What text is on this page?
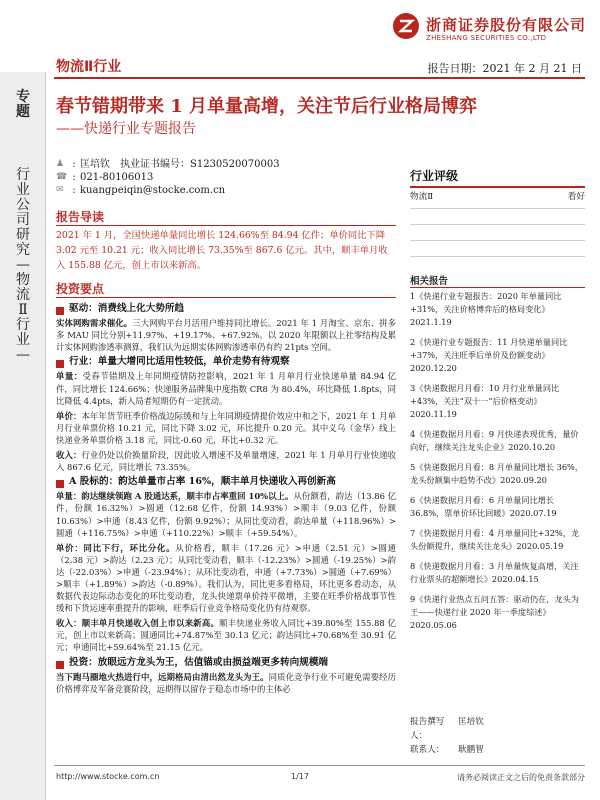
浙商证券股份有限公司
ZHESHANG SECURITIES CO.,LTD
物流Ⅱ行业	报告日期：2021 年 2 月 21 日
专题
行业公司研究—物流Ⅱ行业—
春节错期带来 1 月单量高增，关注节后行业格局博弈
——快递行业专题报告
♟ : 匡培钦 执业证书编号：S1230520070003
☎ : 021-80106013
✉ : kuangpeiqin@stocke.com.cn
报告导读
2021 年 1 月，全国快递单量同比增长 124.66%至 84.94 亿件；单价同比下降 3.02 元至 10.21 元；收入同比增长 73.35%至 867.6 亿元。其中，顺丰单月收入 155.88 亿元，创上市以来新高。
投资要点
驱动：消费线上化大势所趋

实体网购需求催化。三大网购平台月活用户维持同比增长。2021 年 1 月淘宝、京东、拼多多 MAU 同比分别+11.97%、+19.17%、+67.92%。以 2020 年限额以上社零结构及累计实体网购渗透率测算，我们认为远期实体网购渗透率仍有约 21pts 空间。

行业：单量大增同比适用性较低，单价走势有待观察

单量：受春节错期及上年同期疫情防控影响，2021 年 1 月单月行业快递单量 84.94 亿件，同比增长 124.66%；快递服务品牌集中度指数 CR8 为 80.4%，环比降低 1.8pts，同比降低 4.4pts，新入局者短期仍有一定扰动。

单价：本年年货节旺季价格战边际缓和与上年同期疫情提价效应中和之下，2021 年 1 月单月行业单票价格 10.21 元，同比下降 3.02 元，环比提升 0.20 元。其中义乌（金华）线上快递业务单票价格 3.18 元，同比-0.60 元，环比+0.32 元。

收入：行业仍处以价换量阶段，因此收入增速不及单量增速，2021 年 1 月单月行业快递收入 867.6 亿元，同比增长 73.35%。

A 股标的：韵达单量市占率 16%，顺丰单月快递收入再创新高

单量：韵达继续领跑 A 股通达系，顺丰市占率重回 10%以上。从份额看，韵达（13.86 亿件，份额 16.32%）>圆通（12.68 亿件，份额 14.93%）>顺丰（9.03 亿件，份额 10.63%）>申通（8.43 亿件，份额 9.92%）；从同比变动看，韵达单量（+118.96%）>圆通（+116.75%）>申通（+110.22%）>顺丰（+59.54%）。

单价：同比下行，环比分化。从价格看，顺丰（17.26 元）>申通（2.51 元）>圆通（2.38 元）>韵达（2.23 元）；从同比变动看，顺丰（-12.23%）>圆通（-19.25%）>韵达（-22.03%）>申通（-23.94%）；从环比变动看，申通（+7.73%）>圆通（+7.69%）>顺丰（+1.89%）>韵达（-0.89%）。我们认为，同比更多看格局，环比更多看动态，从数据代表边际动态变化的环比变动看，龙头快递票单价持平微增，主要在旺季价格战事节性缓和下货运速率重提升的影响，旺季后行业竞争格局变化仍有待观察。

收入：顺丰单月快递收入创上市以来新高。顺丰快递业务收入同比+39.80%至 155.88 亿元，创上市以来新高；圆通同比+74.87%至 30.13 亿元；韵达同比+70.68%至 30.91 亿元；申通同比+59.64%至 21.15 亿元。

投资：放眼远方龙头为王，估值锚或由损益端更多转向规模端

当下跑马圈地火热进行中，远期格局由清出然龙头为王。同质化竞争行业不可避免需要经历价格博弈及军备竞赛阶段，远期得以留存于稳态市场中的主体必

行业评级
物流Ⅱ	看好
相关报告
1《快递行业专题报告：2020 年单量同比+31%，关注价格博弈后的格局变化》2021.1.19
2《快递行业专题报告：11 月快递单量同比+37%，关注旺季后单价及份额变动》2020.12.20
3《快递数据月月看：10 月行业单量同比+43%，关注“双十一”后价格变动》2020.11.19
4《快递数据月月看：9 月快递表现优秀，量价向好，继续关注龙头企业》2020.10.20
5《快递数据月月看：8 月单量同比增长 36%，龙头份额集中趋势不改》2020.09.20
6《快递数据月月看：6 月单量同比增长 36.8%，票单价环比回暖》2020.07.19
7《快递数据月月看：4 月单量同比+32%，龙头份额提升，继续关注龙头》2020.05.19
8《快递数据月月看：3 月单量恢复高增，关注行业票头的超额增长》2020.04.15
9《快递行业热点五问五答：驱动仍在，龙头为王——快递行业 2020 年一季度综述》2020.05.06
报告撰写人：
匡培钦
联系人：	耿鹏智
http://www.stocke.com.cn	1/17	请务必阅读正文之后的免责条款部分
